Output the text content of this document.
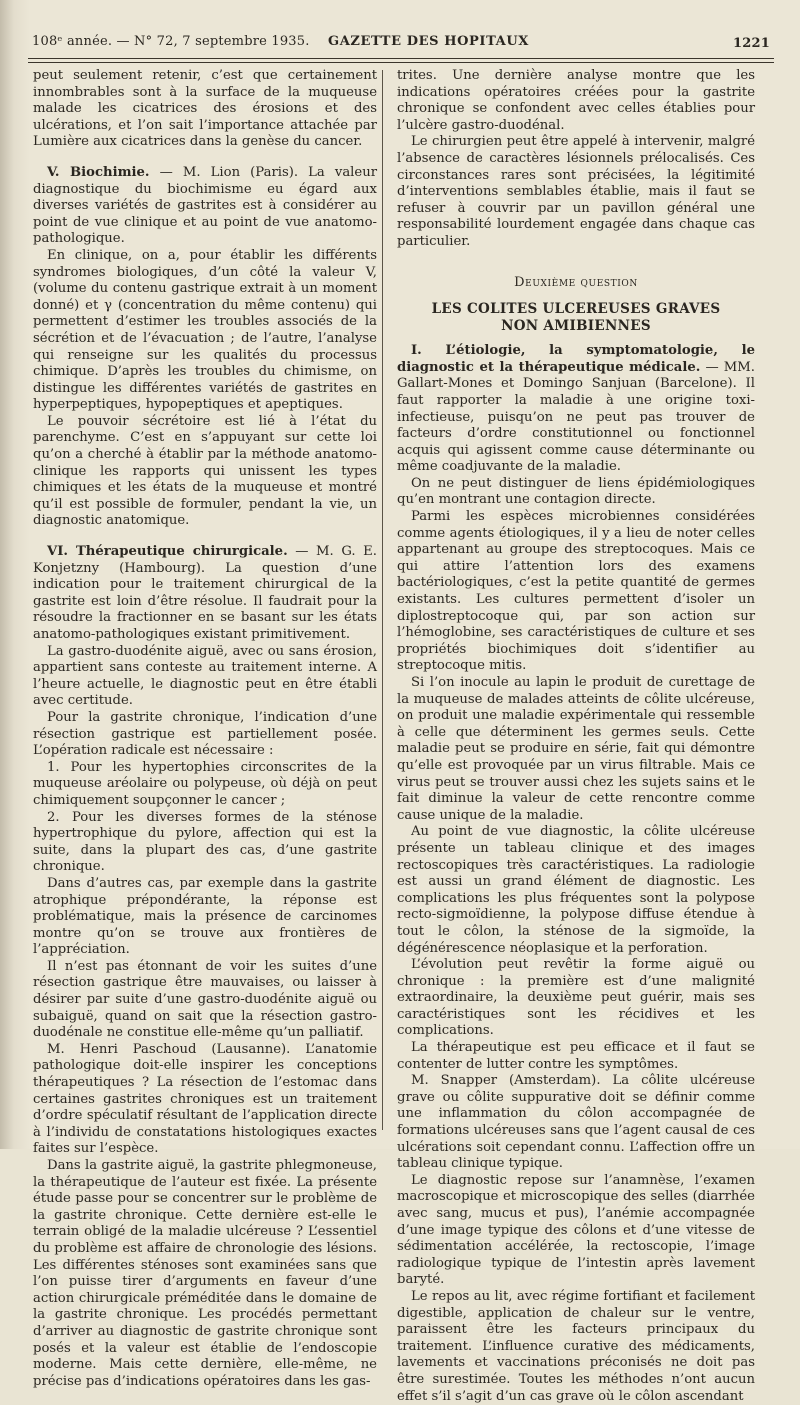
108ᵉ année. — N° 72, 7 septembre 1935. GAZETTE DES HOPITAUX	1221

peut seulement retenir, c’est que certainement innombrables sont à la surface de la muqueuse malade les cicatrices des érosions et des ulcérations, et l’on sait l’importance attachée par Lumière aux cicatrices dans la genèse du cancer.

V. Biochimie. — M. Lion (Paris). La valeur diagnostique du biochimisme eu égard aux diverses variétés de gastrites est à considérer au point de vue clinique et au point de vue anatomo-pathologique.

En clinique, on a, pour établir les différents syndromes biologiques, d’un côté la valeur V, (volume du contenu gastrique extrait à un moment donné) et γ (concentration du même contenu) qui permettent d’estimer les troubles associés de la sécrétion et de l’évacuation ; de l’autre, l’analyse qui renseigne sur les qualités du processus chimique. D’après les troubles du chimisme, on distingue les différentes variétés de gastrites en hyperpeptiques, hypopeptiques et apeptiques.

Le pouvoir sécrétoire est lié à l’état du parenchyme. C’est en s’appuyant sur cette loi qu’on a cherché à établir par la méthode anatomo-clinique les rapports qui unissent les types chimiques et les états de la muqueuse et montré qu’il est possible de formuler, pendant la vie, un diagnostic anatomique.

VI. Thérapeutique chirurgicale. — M. G. E. Konjetzny (Hambourg). La question d’une indication pour le traitement chirurgical de la gastrite est loin d’être résolue. Il faudrait pour la résoudre la fractionner en se basant sur les états anatomo-pathologiques existant primitivement.

La gastro-duodénite aiguë, avec ou sans érosion, appartient sans conteste au traitement interne. A l’heure actuelle, le diagnostic peut en être établi avec certitude.

Pour la gastrite chronique, l’indication d’une résection gastrique est partiellement posée. L’opération radicale est nécessaire :

1. Pour les hypertophies circonscrites de la muqueuse aréolaire ou polypeuse, où déjà on peut chimiquement soupçonner le cancer ;

2. Pour les diverses formes de la sténose hypertrophique du pylore, affection qui est la suite, dans la plupart des cas, d’une gastrite chronique.

Dans d’autres cas, par exemple dans la gastrite atrophique prépondérante, la réponse est problématique, mais la présence de carcinomes montre qu’on se trouve aux frontières de l’appréciation.

Il n’est pas étonnant de voir les suites d’une résection gastrique être mauvaises, ou laisser à désirer par suite d’une gastro-duodénite aiguë ou subaiguë, quand on sait que la résection gastro-duodénale ne constitue elle-même qu’un palliatif.

M. Henri Paschoud (Lausanne). L’anatomie pathologique doit-elle inspirer les conceptions thérapeutiques ? La résection de l’estomac dans certaines gastrites chroniques est un traitement d’ordre spéculatif résultant de l’application directe à l’individu de constatations histologiques exactes faites sur l’espèce.

Dans la gastrite aiguë, la gastrite phlegmoneuse, la thérapeutique de l’auteur est fixée. La présente étude passe pour se concentrer sur le problème de la gastrite chronique. Cette dernière est-elle le terrain obligé de la maladie ulcéreuse ? L’essentiel du problème est affaire de chronologie des lésions. Les différentes sténoses sont examinées sans que l’on puisse tirer d’arguments en faveur d’une action chirurgicale préméditée dans le domaine de la gastrite chronique. Les procédés permettant d’arriver au diagnostic de gastrite chronique sont posés et la valeur est établie de l’endoscopie moderne. Mais cette dernière, elle-même, ne précise pas d’indications opératoires dans les gas-

trites. Une dernière analyse montre que les indications opératoires créées pour la gastrite chronique se confondent avec celles établies pour l’ulcère gastro-duodénal.

Le chirurgien peut être appelé à intervenir, malgré l’absence de caractères lésionnels prélocalisés. Ces circonstances rares sont précisées, la légitimité d’interventions semblables établie, mais il faut se refuser à couvrir par un pavillon général une responsabilité lourdement engagée dans chaque cas particulier.

Deuxième question
LES COLITES ULCEREUSES GRAVES
NON AMIBIENNES

I. L’étiologie, la symptomatologie, le diagnostic et la thérapeutique médicale. — MM. Gallart-Mones et Domingo Sanjuan (Barcelone). Il faut rapporter la maladie à une origine toxi-infectieuse, puisqu’on ne peut pas trouver de facteurs d’ordre constitutionnel ou fonctionnel acquis qui agissent comme cause déterminante ou même coadjuvante de la maladie.

On ne peut distinguer de liens épidémiologiques qu’en montrant une contagion directe.

Parmi les espèces microbiennes considérées comme agents étiologiques, il y a lieu de noter celles appartenant au groupe des streptocoques. Mais ce qui attire l’attention lors des examens bactériologiques, c’est la petite quantité de germes existants. Les cultures permettent d’isoler un diplostreptocoque qui, par son action sur l’hémoglobine, ses caractéristiques de culture et ses propriétés biochimiques doit s’identifier au streptocoque mitis.

Si l’on inocule au lapin le produit de curettage de la muqueuse de malades atteints de côlite ulcéreuse, on produit une maladie expérimentale qui ressemble à celle que déterminent les germes seuls. Cette maladie peut se produire en série, fait qui démontre qu’elle est provoquée par un virus filtrable. Mais ce virus peut se trouver aussi chez les sujets sains et le fait diminue la valeur de cette rencontre comme cause unique de la maladie.

Au point de vue diagnostic, la côlite ulcéreuse présente un tableau clinique et des images rectoscopiques très caractéristiques. La radiologie est aussi un grand élément de diagnostic. Les complications les plus fréquentes sont la polypose recto-sigmoïdienne, la polypose diffuse étendue à tout le côlon, la sténose de la sigmoïde, la dégénérescence néoplasique et la perforation.

L’évolution peut revêtir la forme aiguë ou chronique : la première est d’une malignité extraordinaire, la deuxième peut guérir, mais ses caractéristiques sont les récidives et les complications.

La thérapeutique est peu efficace et il faut se contenter de lutter contre les symptômes.

M. Snapper (Amsterdam). La côlite ulcéreuse grave ou côlite suppurative doit se définir comme une inflammation du côlon accompagnée de formations ulcéreuses sans que l’agent causal de ces ulcérations soit cependant connu. L’affection offre un tableau clinique typique.

Le diagnostic repose sur l’anamnèse, l’examen macroscopique et microscopique des selles (diarrhée avec sang, mucus et pus), l’anémie accompagnée d’une image typique des côlons et d’une vitesse de sédimentation accélérée, la rectoscopie, l’image radiologique typique de l’intestin après lavement baryté.

Le repos au lit, avec régime fortifiant et facilement digestible, application de chaleur sur le ventre, paraissent être les facteurs principaux du traitement. L’influence curative des médicaments, lavements et vaccinations préconisés ne doit pas être surestimée. Toutes les méthodes n’ont aucun effet s’il s’agit d’un cas grave où le côlon ascendant
